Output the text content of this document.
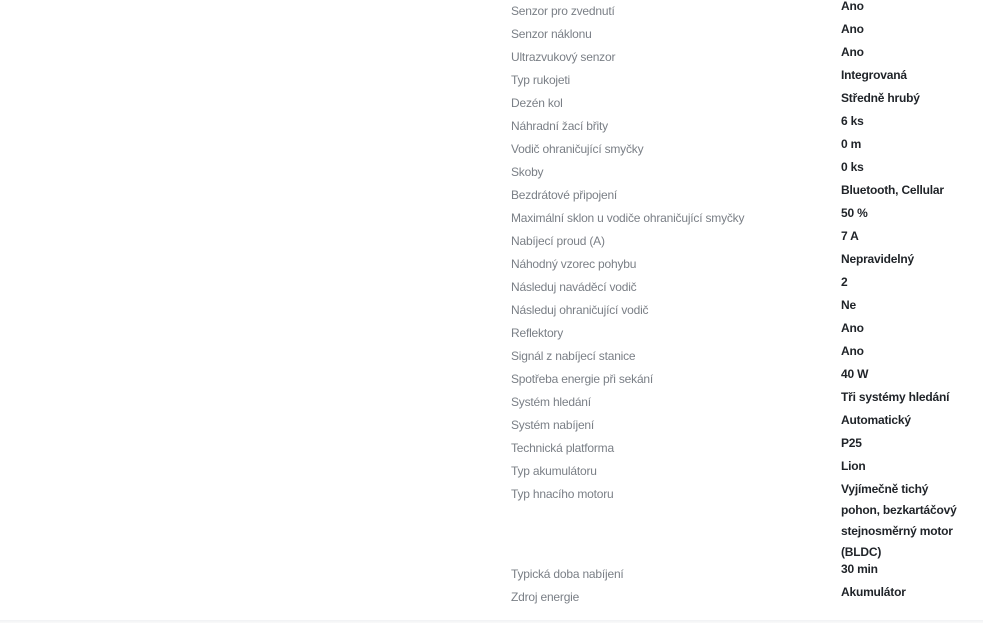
Senzor pro zvednutí	Ano
Senzor náklonu	Ano
Ultrazvukový senzor	Ano
Typ rukojeti	Integrovaná
Dezén kol	Středně hrubý
Náhradní žací břity	6 ks
Vodič ohraničující smyčky	0 m
Skoby	0 ks
Bezdrátové připojení	Bluetooth, Cellular
Maximální sklon u vodiče ohraničující smyčky	50 %
Nabíjecí proud (A)	7 A
Náhodný vzorec pohybu	Nepravidelný
Následuj naváděcí vodič	2
Následuj ohraničující vodič	Ne
Reflektory	Ano
Signál z nabíjecí stanice	Ano
Spotřeba energie při sekání	40 W
Systém hledání	Tři systémy hledání
Systém nabíjení	Automatický
Technická platforma	P25
Typ akumulátoru	Lion
Typ hnacího motoru	Vyjímečně tichý pohon, bezkartáčový stejnosměrný motor (BLDC)
Typická doba nabíjení	30 min
Zdroj energie	Akumulátor
